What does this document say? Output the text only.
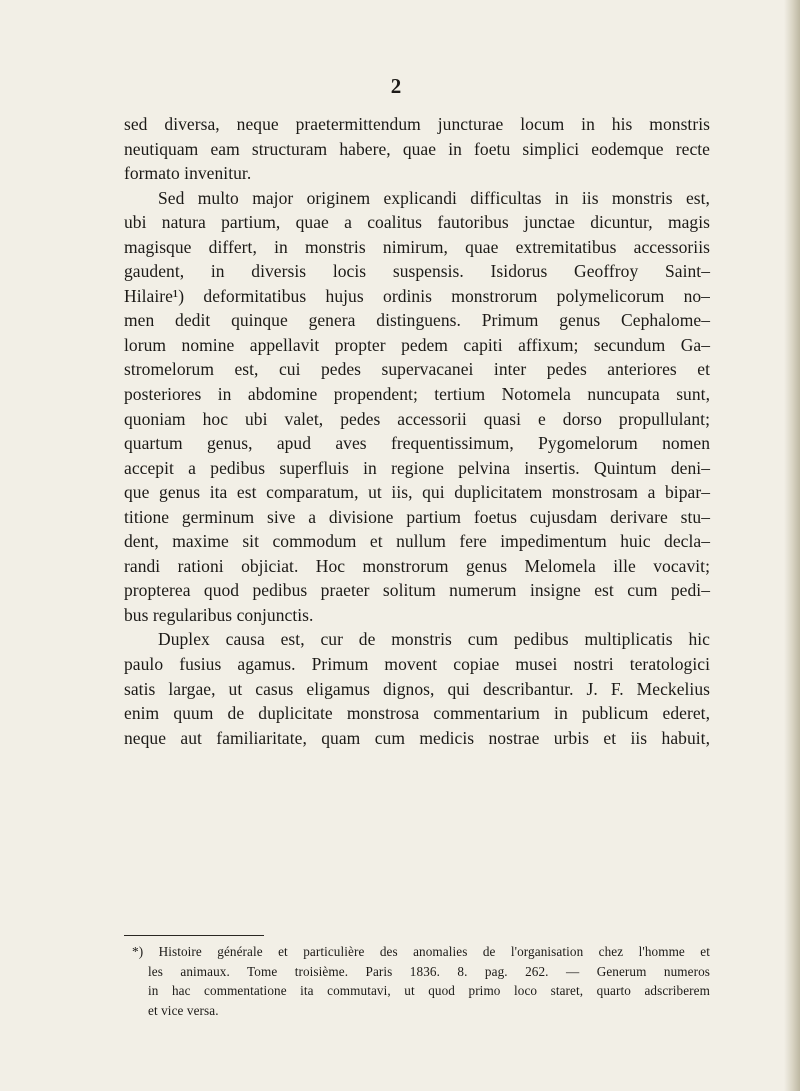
2
sed diversa, neque praetermittendum juncturae locum in his monstris
neutiquam eam structuram habere, quae in foetu simplici eodemque recte
formato invenitur.
Sed multo major originem explicandi difficultas in iis monstris est,
ubi natura partium, quae a coalitus fautoribus junctae dicuntur, magis
magisque differt, in monstris nimirum, quae extremitatibus accessoriis
gaudent, in diversis locis suspensis. Isidorus Geoffroy Saint–
Hilaire¹) deformitatibus hujus ordinis monstrorum polymelicorum no–
men dedit quinque genera distinguens. Primum genus Cephalome–
lorum nomine appellavit propter pedem capiti affixum; secundum Ga–
stromelorum est, cui pedes supervacanei inter pedes anteriores et
posteriores in abdomine propendent; tertium Notomela nuncupata sunt,
quoniam hoc ubi valet, pedes accessorii quasi e dorso propullulant;
quartum genus, apud aves frequentissimum, Pygomelorum nomen
accepit a pedibus superfluis in regione pelvina insertis. Quintum deni–
que genus ita est comparatum, ut iis, qui duplicitatem monstrosam a bipar–
titione germinum sive a divisione partium foetus cujusdam derivare stu–
dent, maxime sit commodum et nullum fere impedimentum huic decla–
randi rationi objiciat. Hoc monstrorum genus Melomela ille vocavit;
propterea quod pedibus praeter solitum numerum insigne est cum pedi–
bus regularibus conjunctis.
Duplex causa est, cur de monstris cum pedibus multiplicatis hic
paulo fusius agamus. Primum movent copiae musei nostri teratologici
satis largae, ut casus eligamus dignos, qui describantur. J. F. Meckelius
enim quum de duplicitate monstrosa commentarium in publicum ederet,
neque aut familiaritate, quam cum medicis nostrae urbis et iis habuit,
*) Histoire générale et particulière des anomalies de l'organisation chez l'homme et
les animaux. Tome troisième. Paris 1836. 8. pag. 262. — Generum numeros
in hac commentatione ita commutavi, ut quod primo loco staret, quarto adscriberem
et vice versa.
